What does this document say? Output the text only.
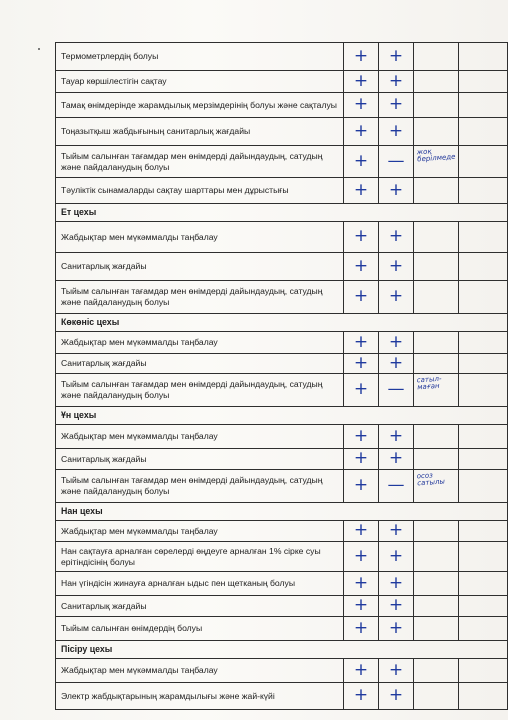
Термометрлердің болуы	+	+	

Тауар көршілестігін сақтау	+	+	

Тамақ өнімдерінде жарамдылық мерзімдерінің болуы және сақталуы	+	+	

Тоңазытқыш жабдығының санитарлық жағдайы	+	+	

Тыйым салынған тағамдар мен өнімдерді дайындаудың, сатудың және пайдаланудың болуы	+	—	жоқ берілмеде	

Тәуліктік сынамаларды сақтау шарттары мен дұрыстығы	+	+	

Ет цехы				
Жабдықтар мен мүкәммалды таңбалау	+	+	

Санитарлық жағдайы	+	+	

Тыйым салынған тағамдар мен өнімдерді дайындаудың, сатудың және пайдаланудың болуы	+	+	

Көкөніс цехы				
Жабдықтар мен мүкәммалды таңбалау	+	+	

Санитарлық жағдайы	+	+	

Тыйым салынған тағамдар мен өнімдерді дайындаудың, сатудың және пайдаланудың болуы	+	—	сатыл- маған	

Ұн цехы				
Жабдықтар мен мүкәммалды таңбалау	+	+	

Санитарлық жағдайы	+	+	

Тыйым салынған тағамдар мен өнімдерді дайындаудың, сатудың және пайдаланудың болуы	+	—	осоз сатылы	

Нан цехы				
Жабдықтар мен мүкәммалды таңбалау	+	+	

Нан сақтауға арналған сөрелерді өңдеуге арналған 1% сірке суы ерітіндісінің болуы	+	+	

Нан үгіндісін жинауға арналған ыдыс пен щетканың болуы	+	+	

Санитарлық жағдайы	+	+	

Тыйым салынған өнімдердің болуы	+	+	

Пісіру цехы				
Жабдықтар мен мүкәммалды таңбалау	+	+	

Электр жабдықтарының жарамдылығы және жай-күйі	+	+	
